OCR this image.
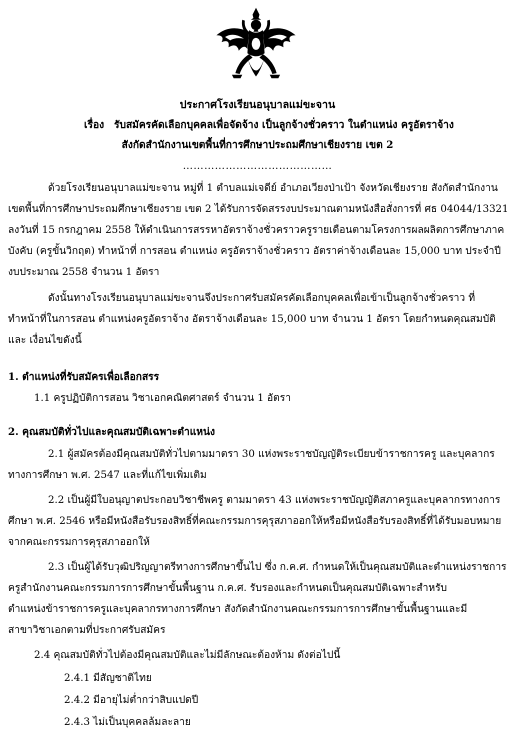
ประกาศโรงเรียนอนุบาลแม่ขะจาน
เรื่อง รับสมัครคัดเลือกบุคคลเพื่อจัดจ้าง เป็นลูกจ้างชั่วคราว ในตำแหน่ง ครูอัตราจ้าง
สังกัดสำนักงานเขตพื้นที่การศึกษาประถมศึกษาเชียงราย เขต 2
……………………………………
ด้วยโรงเรียนอนุบาลแม่ขะจาน หมู่ที่ 1 ตำบลแม่เจดีย์ อำเภอเวียงป่าเป้า จังหวัดเชียงราย สังกัดสำนักงาน
เขตพื้นที่การศึกษาประถมศึกษาเชียงราย เขต 2 ได้รับการจัดสรรงบประมาณตามหนังสือสั่งการที่ ศธ 04044/13321
ลงวันที่ 15 กรกฎาคม 2558 ให้ดำเนินการสรรหาอัตราจ้างชั่วคราวครูรายเดือนตามโครงการผลผลิตการศึกษาภาค
บังคับ (ครูขั้นวิกฤต) ทำหน้าที่ การสอน ตำแหน่ง ครูอัตราจ้างชั่วคราว อัตราค่าจ้างเดือนละ 15,000 บาท ประจำปี
งบประมาณ 2558 จำนวน 1 อัตรา
ดังนั้นทางโรงเรียนอนุบาลแม่ขะจานจึงประกาศรับสมัครคัดเลือกบุคคลเพื่อเข้าเป็นลูกจ้างชั่วคราว ที่
ทำหน้าที่ในการสอน ตำแหน่งครูอัตราจ้าง อัตราจ้างเดือนละ 15,000 บาท จำนวน 1 อัตรา โดยกำหนดคุณสมบัติ
และ เงื่อนไขดังนี้
1. ตำแหน่งที่รับสมัครเพื่อเลือกสรร
1.1 ครูปฏิบัติการสอน วิชาเอกคณิตศาสตร์ จำนวน 1 อัตรา
2. คุณสมบัติทั่วไปและคุณสมบัติเฉพาะตำแหน่ง
2.1 ผู้สมัครต้องมีคุณสมบัติทั่วไปตามมาตรา 30 แห่งพระราชบัญญัติระเบียบข้าราชการครู และบุคลากร
ทางการศึกษา พ.ศ. 2547 และที่แก้ไขเพิ่มเติม
2.2 เป็นผู้มีใบอนุญาตประกอบวิชาชีพครู ตามมาตรา 43 แห่งพระราชบัญญัติสภาครูและบุคลากรทางการ
ศึกษา พ.ศ. 2546 หรือมีหนังสือรับรองสิทธิ์ที่คณะกรรมการคุรุสภาออกให้หรือมีหนังสือรับรองสิทธิ์ที่ได้รับมอบหมาย
จากคณะกรรมการคุรุสภาออกให้
2.3 เป็นผู้ได้รับวุฒิปริญญาตรีทางการศึกษาขึ้นไป ซึ่ง ก.ค.ศ. กำหนดให้เป็นคุณสมบัติและตำแหน่งราชการ
ครูสำนักงานคณะกรรมการการศึกษาขั้นพื้นฐาน ก.ค.ศ. รับรองและกำหนดเป็นคุณสมบัติเฉพาะสำหรับ
ตำแหน่งข้าราชการครูและบุคลากรทางการศึกษา สังกัดสำนักงานคณะกรรมการการศึกษาขั้นพื้นฐานและมี
สาขาวิชาเอกตามที่ประกาศรับสมัคร
2.4 คุณสมบัติทั่วไปต้องมีคุณสมบัติและไม่มีลักษณะต้องห้าม ดังต่อไปนี้
2.4.1 มีสัญชาติไทย
2.4.2 มีอายุไม่ต่ำกว่าสิบแปดปี
2.4.3 ไม่เป็นบุคคลล้มละลาย
